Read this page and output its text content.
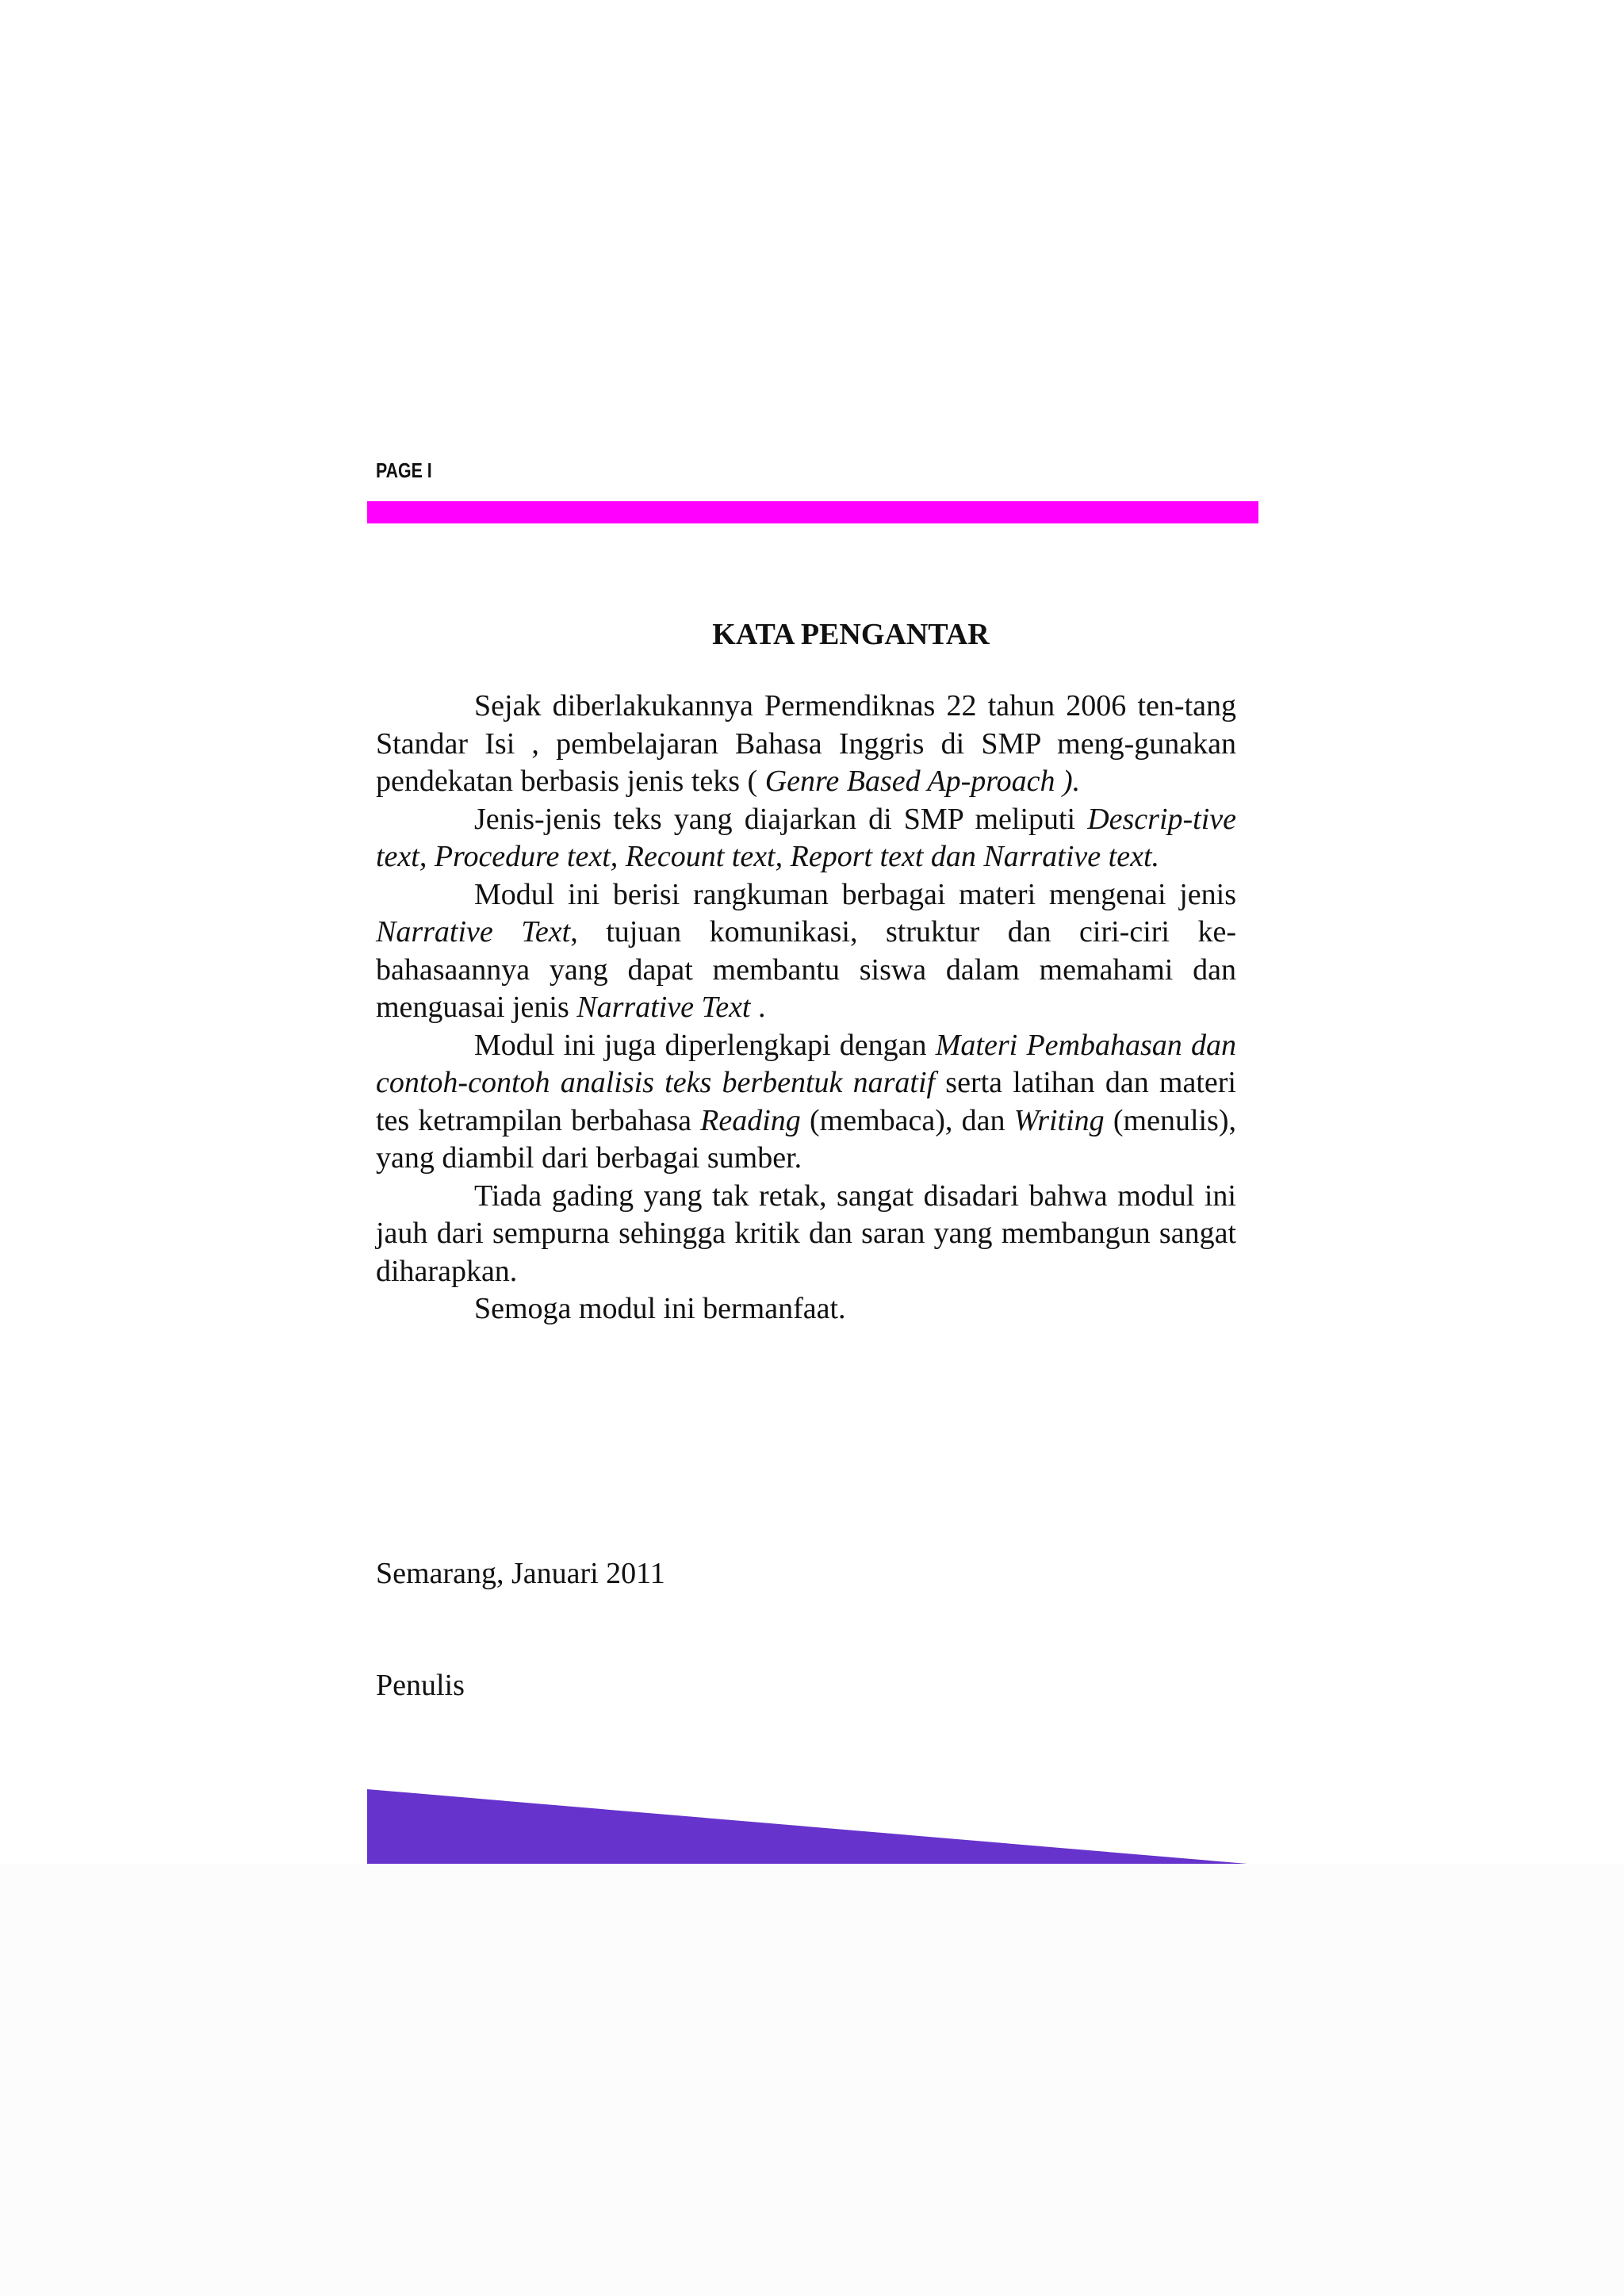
PAGE I
KATA PENGANTAR

Sejak diberlakukannya Permendiknas 22 tahun 2006 ten-tang Standar Isi , pembelajaran Bahasa Inggris di SMP meng-gunakan pendekatan berbasis jenis teks ( Genre Based Ap-proach ).

Jenis-jenis teks yang diajarkan di SMP meliputi Descrip-tive text, Procedure text, Recount text, Report text dan Narrative text.

Modul ini berisi rangkuman berbagai materi mengenai jenis Narrative Text, tujuan komunikasi, struktur dan ciri-ciri ke-bahasaannya yang dapat membantu siswa dalam memahami dan menguasai jenis Narrative Text .

Modul ini juga diperlengkapi dengan Materi Pembahasan dan contoh-contoh analisis teks berbentuk naratif serta latihan dan materi tes ketrampilan berbahasa Reading (membaca), dan Writing (menulis), yang diambil dari berbagai sumber.

Tiada gading yang tak retak, sangat disadari bahwa modul ini jauh dari sempurna sehingga kritik dan saran yang membangun sangat diharapkan.

Semoga modul ini bermanfaat.

Semarang, Januari 2011

Penulis
